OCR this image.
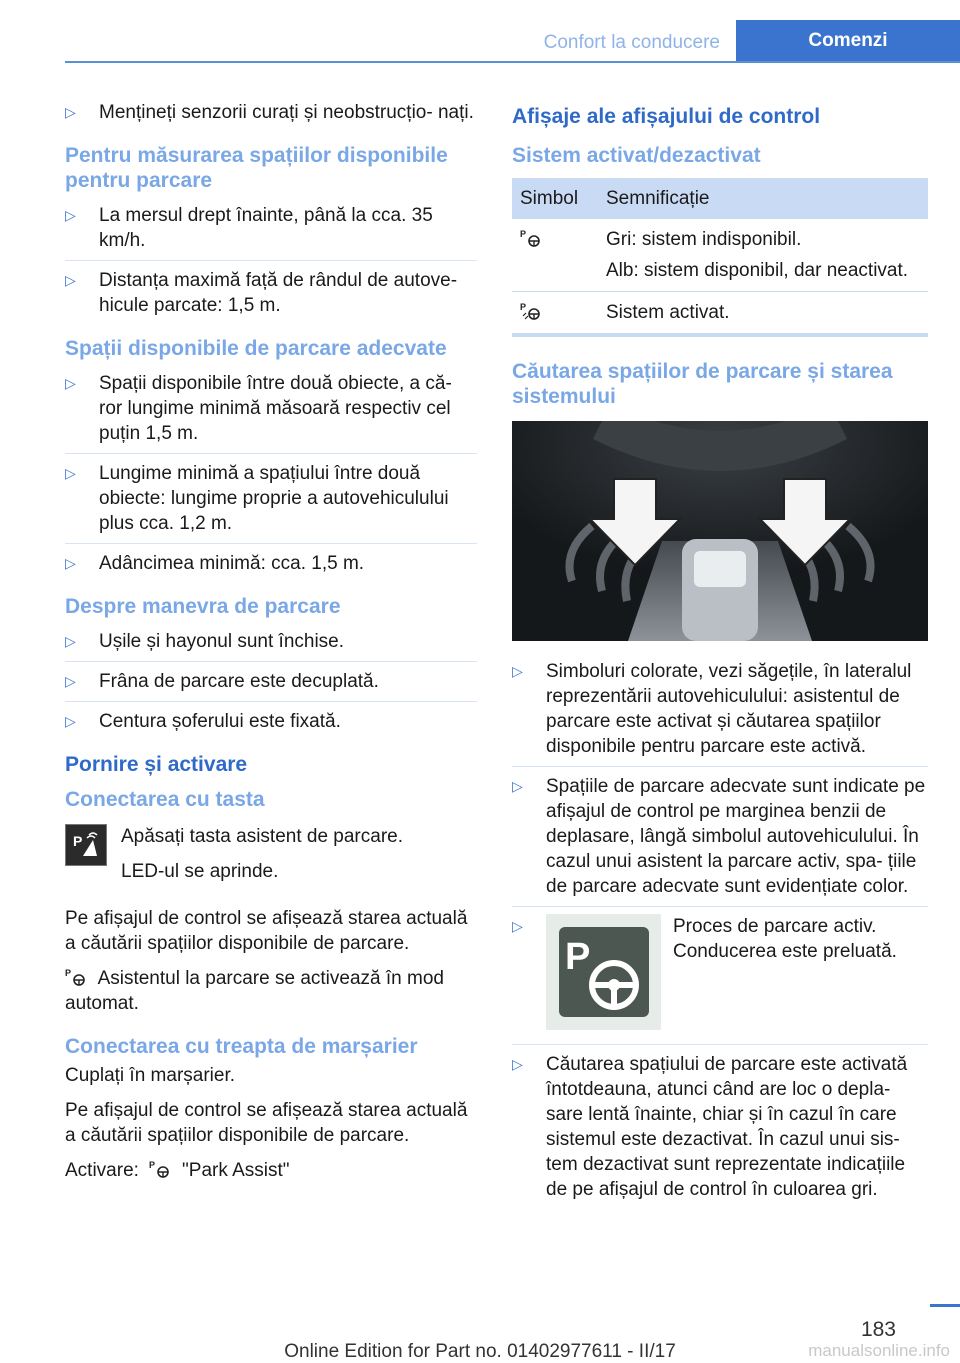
Confort la conducere	Comenzi
▷ Mențineți senzorii curați și neobstrucțio- nați.
Pentru măsurarea spațiilor disponibile pentru parcare
▷ La mersul drept înainte, până la cca. 35 km/h.
▷ Distanța maximă față de rândul de autove- hicule parcate: 1,5 m.
Spații disponibile de parcare adecvate
▷ Spații disponibile între două obiecte, a că- ror lungime minimă măsoară respectiv cel puțin 1,5 m.
▷ Lungime minimă a spațiului între două obiecte: lungime proprie a autovehiculului plus cca. 1,2 m.
▷ Adâncimea minimă: cca. 1,5 m.
Despre manevra de parcare
▷ Ușile și hayonul sunt închise.
▷ Frâna de parcare este decuplată.
▷ Centura șoferului este fixată.
Pornire și activare
Conectarea cu tasta
P Apăsați tasta asistent de parcare.

LED-ul se aprinde.

Pe afișajul de control se afișează starea actuală a căutării spațiilor disponibile de parcare.

P Asistentul la parcare se activează în mod automat.

Conectarea cu treapta de marșarier

Cuplați în marșarier.

Pe afișajul de control se afișează starea actuală a căutării spațiilor disponibile de parcare.

Activare: P "Park Assist"

Afișaje ale afișajului de control
Sistem activat/dezactivat
Simbol	Semnificație

P	Gri: sistem indisponibil.
Alb: sistem disponibil, dar neactivat.

P	Sistem activat.
Căutarea spațiilor de parcare și starea sistemului
▷ Simboluri colorate, vezi săgețile, în lateralul reprezentării autovehiculului: asistentul de parcare este activat și căutarea spațiilor disponibile pentru parcare este activă.
▷ Spațiile de parcare adecvate sunt indicate pe afișajul de control pe marginea benzii de deplasare, lângă simbolul autovehiculului. În cazul unui asistent la parcare activ, spa- țiile de parcare adecvate sunt evidențiate color.
▷ P
Proces de parcare activ. Conducerea este preluată.
▷ Căutarea spațiului de parcare este activată întotdeauna, atunci când are loc o depla- sare lentă înainte, chiar și în cazul în care sistemul este dezactivat. În cazul unui sis- tem dezactivat sunt reprezentate indicațiile de pe afișajul de control în culoarea gri.
183
Online Edition for Part no. 01402977611 - II/17	manualsonline.info
